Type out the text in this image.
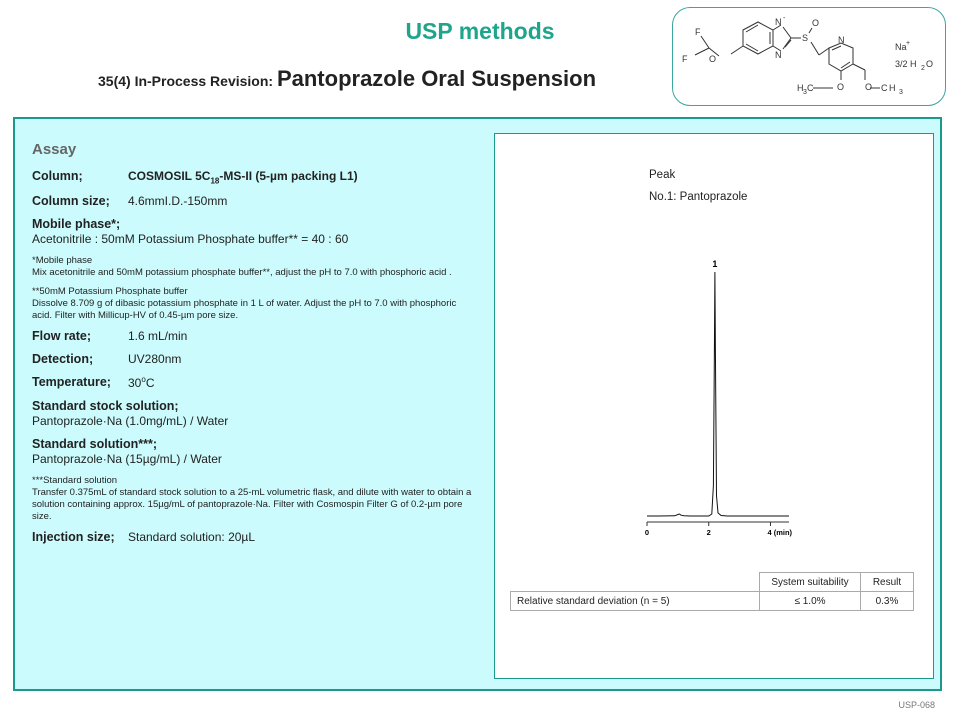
USP methods
35(4) In-Process Revision: Pantoprazole Oral Suspension
F
F O
N -
N
S
O
N
O O
Na +
3/2 H 2 O
H 3 C	C H 3
Assay
Column;	COSMOSIL $5C_{18}-MS-II$ (5-µm packing L1)
Column size;	4.6mmI.D.-150mm
Mobile phase*;
Acetonitrile : 50mM Potassium Phosphate buffer** = 40 : 60
*Mobile phase
Mix acetonitrile and 50mM potassium phosphate buffer**, adjust the pH to 7.0 with phosphoric acid .
**50mM Potassium Phosphate buffer
Dissolve 8.709 g of dibasic potassium phosphate in 1 L of water. Adjust the pH to 7.0 with phosphoric acid. Filter with Millicup-HV of 0.45-µm pore size.
Flow rate;	1.6 mL/min
Detection;	UV280nm
Temperature;	30$^o$C
Standard stock solution;
Pantoprazole·Na (1.0mg/mL) / Water
Standard solution***;
Pantoprazole·Na (15µg/mL) / Water
***Standard solution
Transfer 0.375mL of standard stock solution to a 25-mL volumetric flask, and dilute with water to obtain a solution containing approx. 15µg/mL of pantoprazole·Na. Filter with Cosmospin Filter G of 0.2-µm pore size.
Injection size;	Standard solution: 20µL
Peak
No.1: Pantoprazole
0	2	4 (min)
1
	System suitability	Result
Relative standard deviation (n = 5)	≤ 1.0%	0.3%
USP-068
